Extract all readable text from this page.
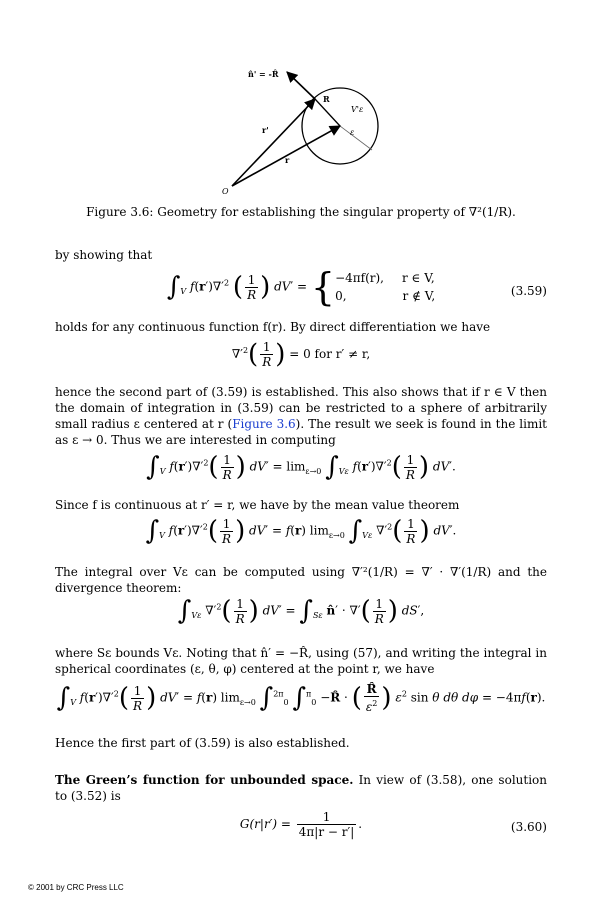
n̂' = -R̂
R
V'ε
ε
r'
r
O
Figure 3.6: Geometry for establishing the singular property of ∇²(1/R).
by showing that
$\int_V$ $f(r')\nabla'^2$ ( $\frac{1}{R}$ ) dV′ = { −4πf(r), r ∈ V,
0,	r ∉ V,	(3.59)
holds for any continuous function f(r). By direct differentiation we have
$\nabla'^2( \frac{1}{R}$ ) = 0 for r′ ≠ r,
hence the second part of (3.59) is established. This also shows that if r ∈ V then the domain of integration in (3.59) can be restricted to a sphere of arbitrarily small radius ε centered at r (Figure 3.6). The result we seek is found in the limit as ε → 0. Thus we are interested in computing
$\int_V$ $f(r')\nabla'^2( \frac{1}{R}$ ) $dV' = \lim_{\varepsilon\to 0} \int_{V\varepsilon}$ $f(r')\nabla'^2( \frac{1}{R}$ ) dV′.
Since f is continuous at r′ = r, we have by the mean value theorem
$\int_V$ $f(r')\nabla'^2( \frac{1}{R}$ ) dV′ = f(r) $\lim_{\varepsilon\to 0} \int_{V\varepsilon}$ $\nabla'^2( \frac{1}{R}$ ) dV′.
The integral over Vε can be computed using ∇′²(1/R) = ∇′ · ∇′(1/R) and the divergence theorem:
$\int_{V\varepsilon}$ $\nabla'^2( \frac{1}{R}$ ) $dV' = \int_{S\varepsilon}$ n̂′ · ∇′( $\frac{1}{R}$ ) dS′,
where Sε bounds Vε. Noting that n̂′ = −R̂, using (57), and writing the integral in spherical coordinates (ε, θ, φ) centered at the point r, we have
$\int_V$ $f(r')\nabla'^2( \frac{1}{R}$ ) dV′ = f(r) $\lim_{\varepsilon\to 0} \int^{2\pi}_0$ ∫$^\pi_0$ −R̂ · ( $\frac{R̂}{\varepsilon^2}$ ) $\varepsilon^2$ sin θ dθ dφ = −4πf(r).
Hence the first part of (3.59) is also established.
The Green’s function for unbounded space. In view of (3.58), one solution to (3.52) is
$G(r|r') = \frac{1}{4\pi|r - r'|}$ .	(3.60)
© 2001 by CRC Press LLC
